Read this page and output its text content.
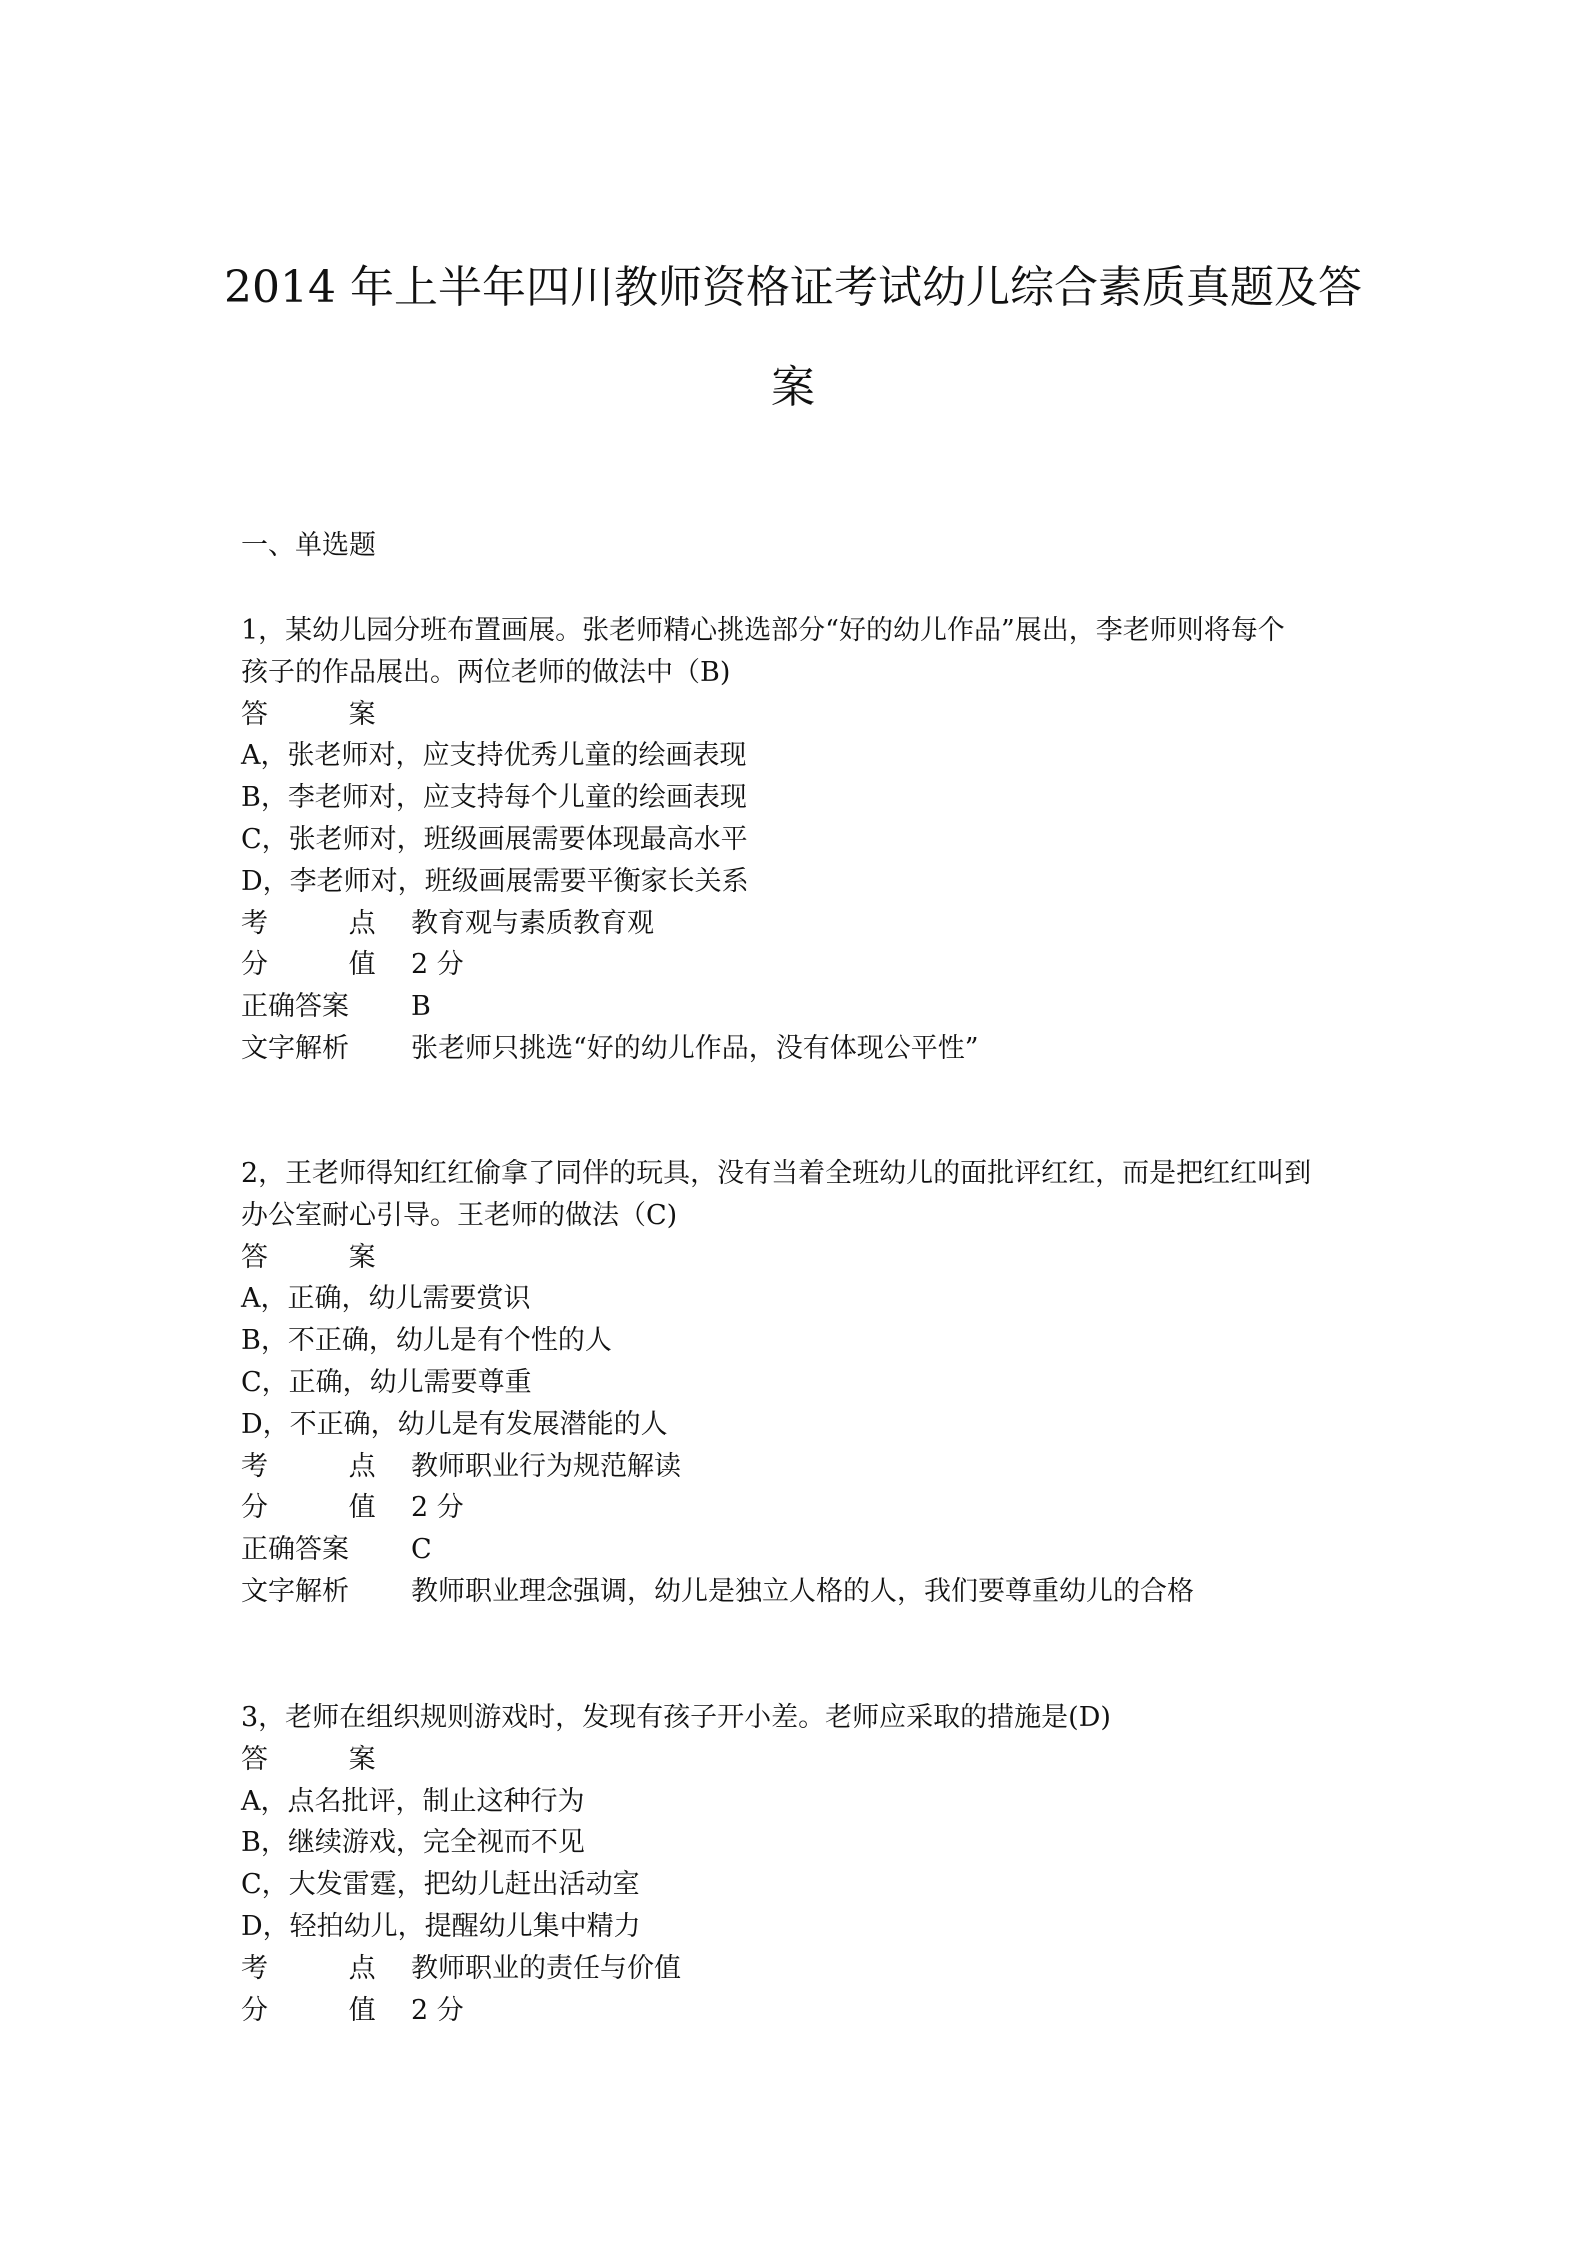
2014 年上半年四川教师资格证考试幼儿综合素质真题及答
案
一、单选题
1，某幼儿园分班布置画展。张老师精心挑选部分“好的幼儿作品”展出，李老师则将每个
孩子的作品展出。两位老师的做法中（B)
答 案
A，张老师对，应支持优秀儿童的绘画表现
B，李老师对，应支持每个儿童的绘画表现
C，张老师对，班级画展需要体现最高水平
D，李老师对，班级画展需要平衡家长关系
考 点教育观与素质教育观
分 值2 分
正确答案 B
文字解析 张老师只挑选“好的幼儿作品，没有体现公平性”
2，王老师得知红红偷拿了同伴的玩具，没有当着全班幼儿的面批评红红，而是把红红叫到
办公室耐心引导。王老师的做法（C)
答 案
A，正确，幼儿需要赏识
B，不正确，幼儿是有个性的人
C，正确，幼儿需要尊重
D，不正确，幼儿是有发展潜能的人
考 点教师职业行为规范解读
分 值2 分
正确答案 C
文字解析 教师职业理念强调，幼儿是独立人格的人，我们要尊重幼儿的合格
3，老师在组织规则游戏时，发现有孩子开小差。老师应采取的措施是(D)
答 案
A，点名批评，制止这种行为
B，继续游戏，完全视而不见
C，大发雷霆，把幼儿赶出活动室
D，轻拍幼儿，提醒幼儿集中精力
考 点教师职业的责任与价值
分 值2 分
